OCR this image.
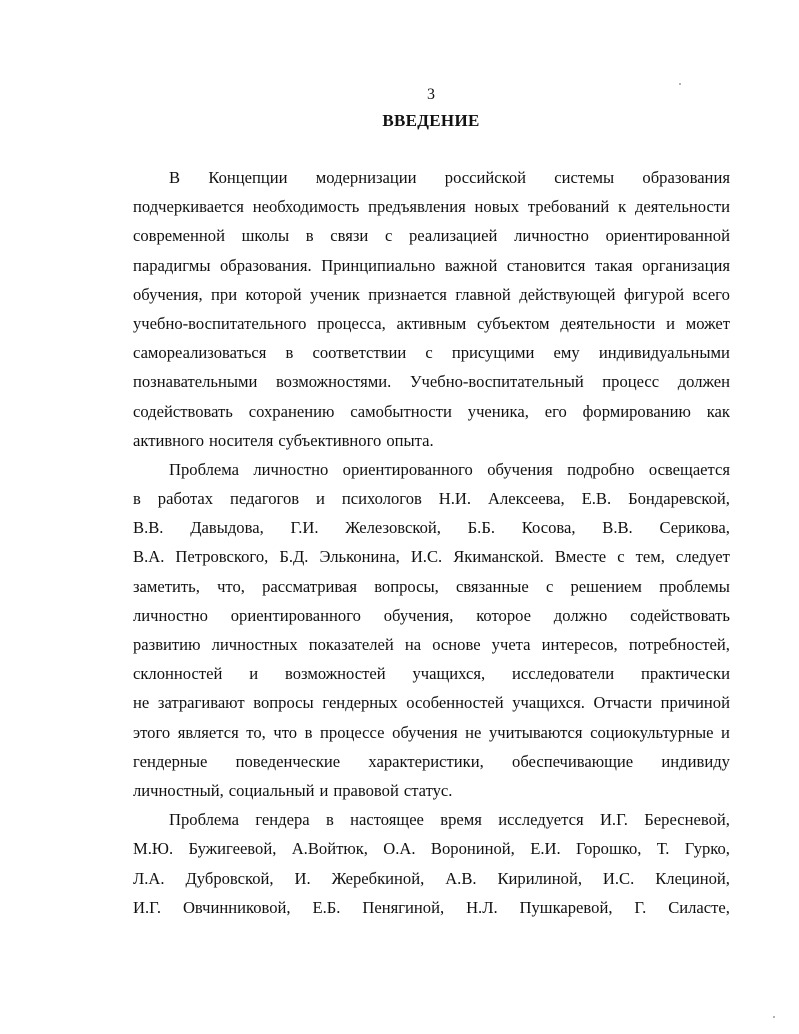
3
ВВЕДЕНИЕ
В Концепции модернизации российской системы образования
подчеркивается необходимость предъявления новых требований к деятельности
современной школы в связи с реализацией личностно ориентированной
парадигмы образования. Принципиально важной становится такая организация
обучения, при которой ученик признается главной действующей фигурой всего
учебно-воспитательного процесса, активным субъектом деятельности и может
самореализоваться в соответствии с присущими ему индивидуальными
познавательными возможностями. Учебно-воспитательный процесс должен
содействовать сохранению самобытности ученика, его формированию как
активного носителя субъективного опыта.
Проблема личностно ориентированного обучения подробно освещается
в работах педагогов и психологов Н.И. Алексеева, Е.В. Бондаревской,
В.В. Давыдова, Г.И. Железовской, Б.Б. Косова, В.В. Серикова,
В.А. Петровского, Б.Д. Эльконина, И.С. Якиманской. Вместе с тем, следует
заметить, что, рассматривая вопросы, связанные с решением проблемы
личностно ориентированного обучения, которое должно содействовать
развитию личностных показателей на основе учета интересов, потребностей,
склонностей и возможностей учащихся, исследователи практически
не затрагивают вопросы гендерных особенностей учащихся. Отчасти причиной
этого является то, что в процессе обучения не учитываются социокультурные и
гендерные поведенческие характеристики, обеспечивающие индивиду
личностный, социальный и правовой статус.
Проблема гендера в настоящее время исследуется И.Г. Бересневой,
М.Ю. Бужигеевой, А.Войтюк, О.А. Ворониной, Е.И. Горошко, Т. Гурко,
Л.А. Дубровской, И. Жеребкиной, А.В. Кирилиной, И.С. Клециной,
И.Г. Овчинниковой, Е.Б. Пенягиной, Н.Л. Пушкаревой, Г. Силасте,
